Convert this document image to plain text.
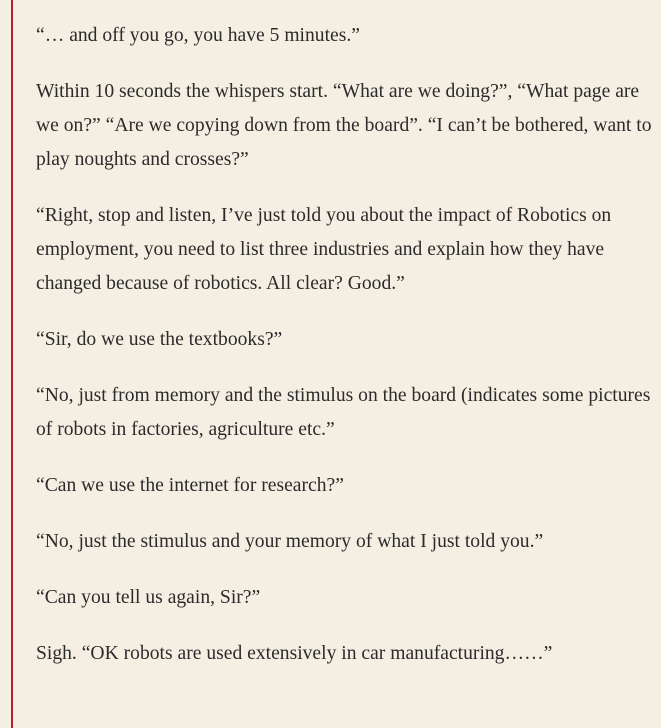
“… and off you go, you have 5 minutes.”

Within 10 seconds the whispers start. “What are we doing?”, “What page are we on?” “Are we copying down from the board”. “I can’t be bothered, want to play noughts and crosses?”

“Right, stop and listen, I’ve just told you about the impact of Robotics on employment, you need to list three industries and explain how they have changed because of robotics. All clear? Good.”

“Sir, do we use the textbooks?”

“No, just from memory and the stimulus on the board (indicates some pictures of robots in factories, agriculture etc.”

“Can we use the internet for research?”

“No, just the stimulus and your memory of what I just told you.”

“Can you tell us again, Sir?”

Sigh. “OK robots are used extensively in car manufacturing……”
